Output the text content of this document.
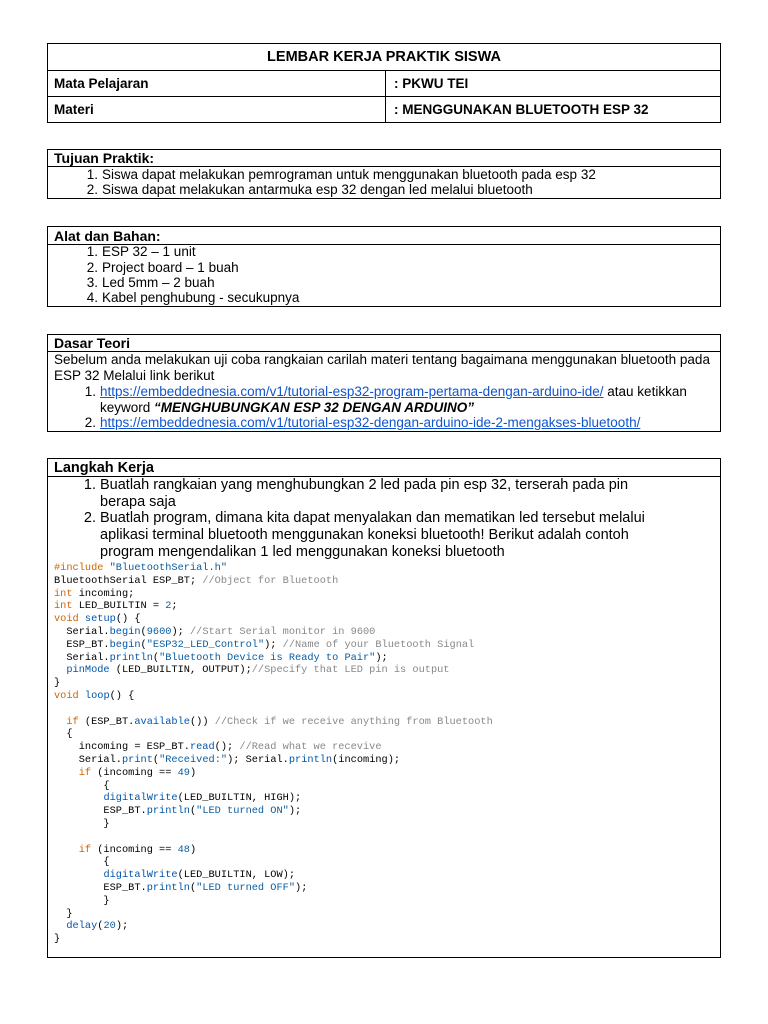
LEMBAR KERJA PRAKTIK SISWA
Mata Pelajaran	: PKWU TEI
Materi	: MENGGUNAKAN BLUETOOTH ESP 32
Tujuan Praktik:
1. Siswa dapat melakukan pemrograman untuk menggunakan bluetooth pada esp 32
2. Siswa dapat melakukan antarmuka esp 32 dengan led melalui bluetooth
Alat dan Bahan:
1. ESP 32 – 1 unit
2. Project board – 1 buah
3. Led 5mm – 2 buah
4. Kabel penghubung - secukupnya
Dasar Teori
Sebelum anda melakukan uji coba rangkaian carilah materi tentang bagaimana menggunakan bluetooth pada ESP 32 Melalui link berikut
1. https://embeddednesia.com/v1/tutorial-esp32-program-pertama-dengan-arduino-ide/ atau ketikkan
keyword “MENGHUBUNGKAN ESP 32 DENGAN ARDUINO”
2. https://embeddednesia.com/v1/tutorial-esp32-dengan-arduino-ide-2-mengakses-bluetooth/
Langkah Kerja
1. Buatlah rangkaian yang menghubungkan 2 led pada pin esp 32, terserah pada pin
berapa saja
2. Buatlah program, dimana kita dapat menyalakan dan mematikan led tersebut melalui
aplikasi terminal bluetooth menggunakan koneksi bluetooth! Berikut adalah contoh
program mengendalikan 1 led menggunakan koneksi bluetooth
#include "BluetoothSerial.h"
BluetoothSerial ESP_BT; //Object for Bluetooth
int incoming;
int LED_BUILTIN = 2;
void setup() {
Serial.begin(9600); //Start Serial monitor in 9600
ESP_BT.begin("ESP32_LED_Control"); //Name of your Bluetooth Signal
Serial.println("Bluetooth Device is Ready to Pair");
pinMode (LED_BUILTIN, OUTPUT);//Specify that LED pin is output
}
void loop() {

if (ESP_BT.available()) //Check if we receive anything from Bluetooth
{
incoming = ESP_BT.read(); //Read what we recevive
Serial.print("Received:"); Serial.println(incoming);
if (incoming == 49)
{
digitalWrite(LED_BUILTIN, HIGH);
ESP_BT.println("LED turned ON");
}

if (incoming == 48)
{
digitalWrite(LED_BUILTIN, LOW);
ESP_BT.println("LED turned OFF");
}
}
delay(20);
}
